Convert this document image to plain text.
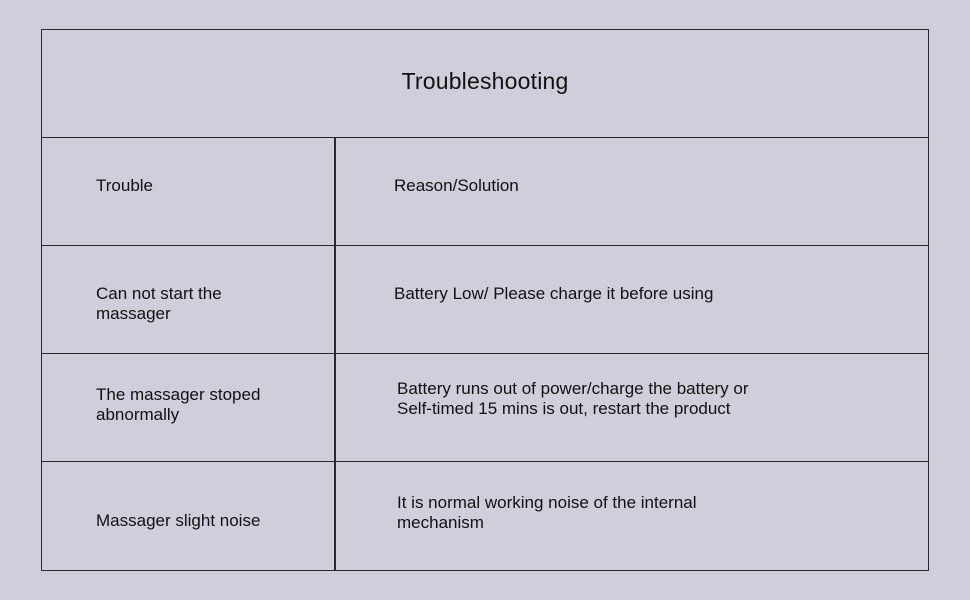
Troubleshooting
Trouble	Reason/Solution
Can not start the
massager
Battery Low/ Please charge it before using
The massager stoped
abnormally
Battery runs out of power/charge the battery or
Self-timed 15 mins is out, restart the product
Massager slight noise
It is normal working noise of the internal
mechanism
